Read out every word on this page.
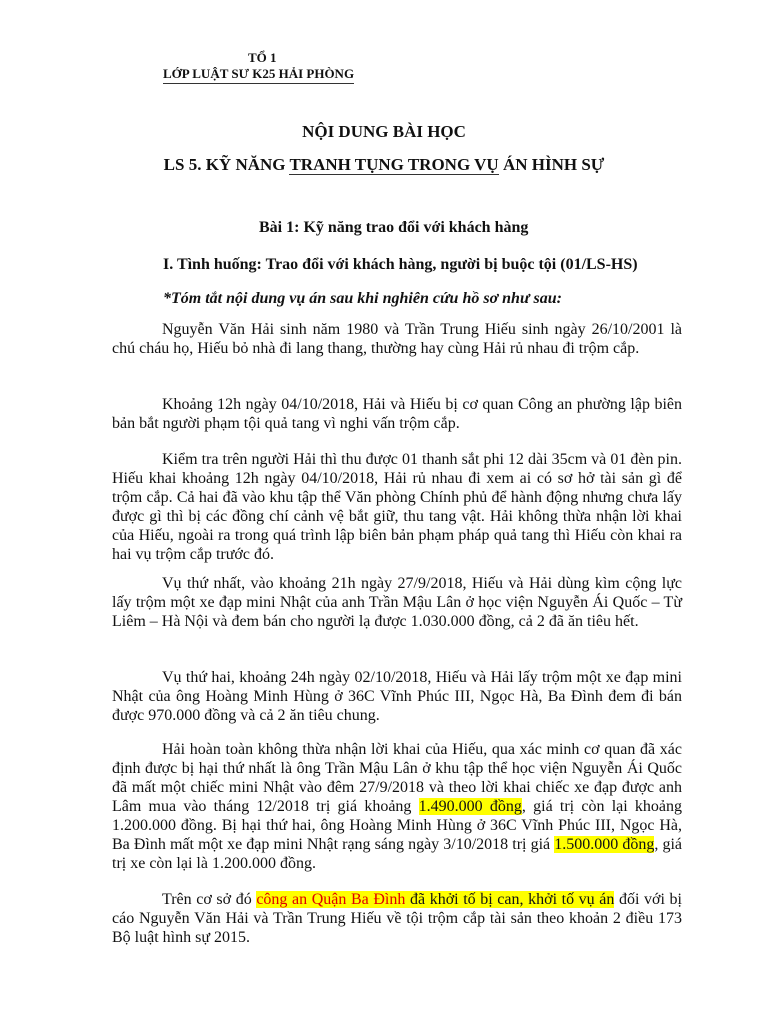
TỔ 1
LỚP LUẬT SƯ K25 HẢI PHÒNG
NỘI DUNG BÀI HỌC
LS 5. KỸ NĂNG TRANH TỤNG TRONG VỤ ÁN HÌNH SỰ
Bài 1: Kỹ năng trao đổi với khách hàng
I. Tình huống: Trao đổi với khách hàng, người bị buộc tội (01/LS-HS)
*Tóm tắt nội dung vụ án sau khi nghiên cứu hồ sơ như sau:

Nguyễn Văn Hải sinh năm 1980 và Trần Trung Hiếu sinh ngày 26/10/2001 là chú cháu họ, Hiếu bỏ nhà đi lang thang, thường hay cùng Hải rủ nhau đi trộm cắp.

Khoảng 12h ngày 04/10/2018, Hải và Hiếu bị cơ quan Công an phường lập biên bản bắt người phạm tội quả tang vì nghi vấn trộm cắp.

Kiểm tra trên người Hải thì thu được 01 thanh sắt phi 12 dài 35cm và 01 đèn pin. Hiếu khai khoảng 12h ngày 04/10/2018, Hải rủ nhau đi xem ai có sơ hở tài sản gì để trộm cắp. Cả hai đã vào khu tập thể Văn phòng Chính phủ để hành động nhưng chưa lấy được gì thì bị các đồng chí cảnh vệ bắt giữ, thu tang vật. Hải không thừa nhận lời khai của Hiếu, ngoài ra trong quá trình lập biên bản phạm pháp quả tang thì Hiếu còn khai ra hai vụ trộm cắp trước đó.

Vụ thứ nhất, vào khoảng 21h ngày 27/9/2018, Hiếu và Hải dùng kìm cộng lực lấy trộm một xe đạp mini Nhật của anh Trần Mậu Lân ở học viện Nguyễn Ái Quốc – Từ Liêm – Hà Nội và đem bán cho người lạ được 1.030.000 đồng, cả 2 đã ăn tiêu hết.

Vụ thứ hai, khoảng 24h ngày 02/10/2018, Hiếu và Hải lấy trộm một xe đạp mini Nhật của ông Hoàng Minh Hùng ở 36C Vĩnh Phúc III, Ngọc Hà, Ba Đình đem đi bán được 970.000 đồng và cả 2 ăn tiêu chung.

Hải hoàn toàn không thừa nhận lời khai của Hiếu, qua xác minh cơ quan đã xác định được bị hại thứ nhất là ông Trần Mậu Lân ở khu tập thể học viện Nguyễn Ái Quốc đã mất một chiếc mini Nhật vào đêm 27/9/2018 và theo lời khai chiếc xe đạp được anh Lâm mua vào tháng 12/2018 trị giá khoảng 1.490.000 đồng, giá trị còn lại khoảng 1.200.000 đồng. Bị hại thứ hai, ông Hoàng Minh Hùng ở 36C Vĩnh Phúc III, Ngọc Hà, Ba Đình mất một xe đạp mini Nhật rạng sáng ngày 3/10/2018 trị giá 1.500.000 đồng, giá trị xe còn lại là 1.200.000 đồng.

Trên cơ sở đó công an Quận Ba Đình đã khởi tố bị can, khởi tố vụ án đối với bị cáo Nguyễn Văn Hải và Trần Trung Hiếu về tội trộm cắp tài sản theo khoản 2 điều 173 Bộ luật hình sự 2015.
